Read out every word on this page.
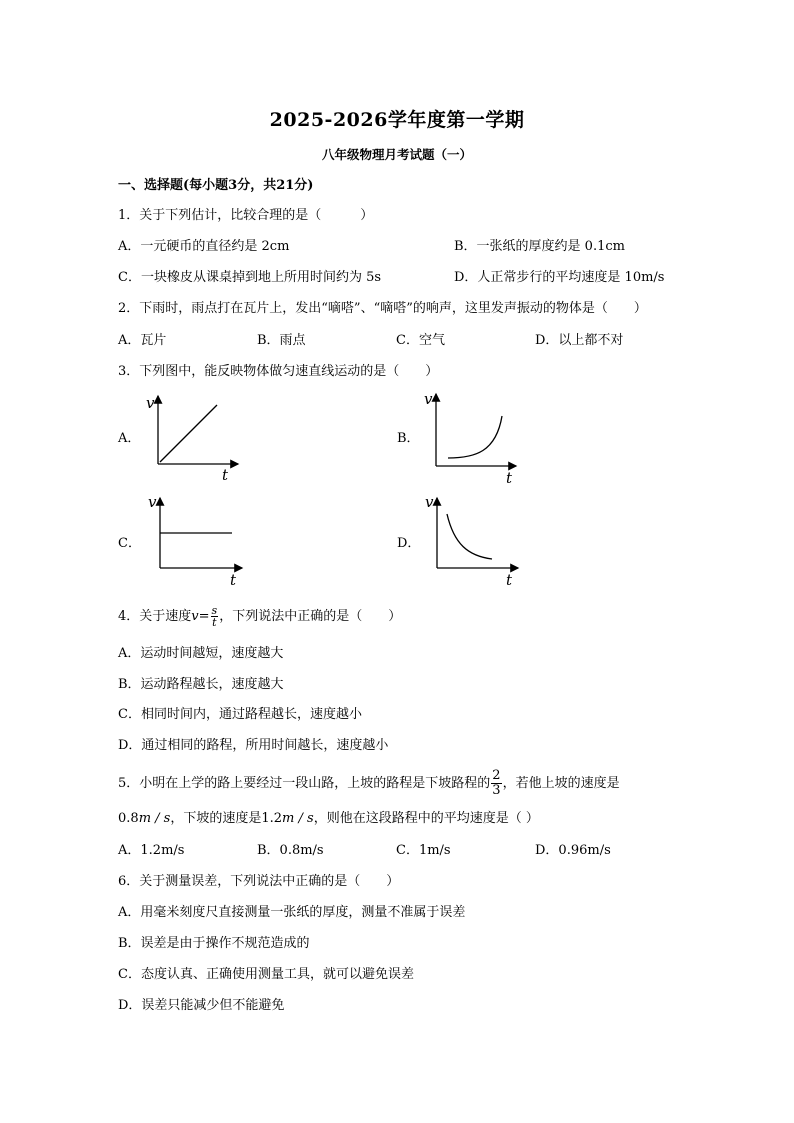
2025-2026学年度第一学期
八年级物理月考试题（一）
一、选择题(每小题3分，共21分)
1．关于下列估计，比较合理的是（　　　）
A．一元硬币的直径约是 2cm	B．一张纸的厚度约是 0.1cm
C．一块橡皮从课桌掉到地上所用时间约为 5s	D．人正常步行的平均速度是 10m/s
2．下雨时，雨点打在瓦片上，发出“嘀嗒”、“嘀嗒”的响声，这里发声振动的物体是（　　）
A．瓦片	B．雨点	C．空气	D．以上都不对
3．下列图中，能反映物体做匀速直线运动的是（　　）
A．
v
t
B．
v
t
C．
v
t
D．
v
t
4．关于速度$v= \frac{s}{t}$ ，下列说法中正确的是（　　）
A．运动时间越短，速度越大
B．运动路程越长，速度越大
C．相同时间内，通过路程越长，速度越小
D．通过相同的路程，所用时间越长，速度越小
5．小明在上学的路上要经过一段山路，上坡的路程是下坡路程的 $\frac{2}{3}$ ，若他上坡的速度是
0.8m / s，下坡的速度是1.2m / s，则他在这段路程中的平均速度是（ ）
A．1.2m/s	B．0.8m/s	C．1m/s	D．0.96m/s
6．关于测量误差，下列说法中正确的是（　　）
A．用毫米刻度尺直接测量一张纸的厚度，测量不准属于误差
B．误差是由于操作不规范造成的
C．态度认真、正确使用测量工具，就可以避免误差
D．误差只能减少但不能避免
